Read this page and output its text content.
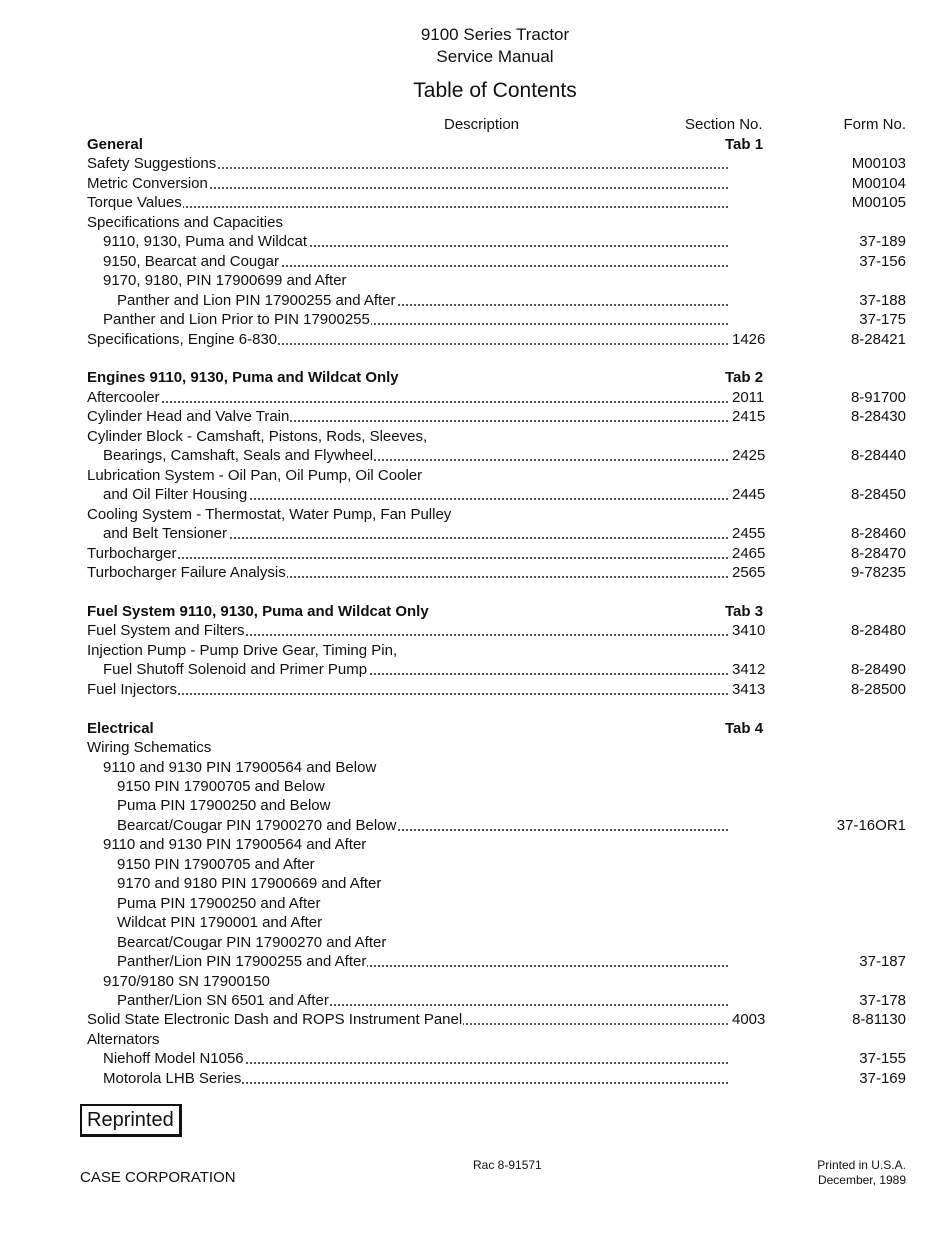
9100 Series Tractor
Service Manual
Table of Contents
Description	Section No.	Form No.
General	Tab 1
Safety Suggestions	M00103
Metric Conversion	M00104
Torque Values	M00105
Specifications and Capacities
9110, 9130, Puma and Wildcat	37-189
9150, Bearcat and Cougar	37-156
9170, 9180, PIN 17900699 and After
Panther and Lion PIN 17900255 and After	37-188
Panther and Lion Prior to PIN 17900255	37-175
Specifications, Engine 6-830	1426	8-28421
Engines 9110, 9130, Puma and Wildcat Only	Tab 2
Aftercooler	2011	8-91700
Cylinder Head and Valve Train	2415	8-28430
Cylinder Block - Camshaft, Pistons, Rods, Sleeves,
Bearings, Camshaft, Seals and Flywheel	2425	8-28440
Lubrication System - Oil Pan, Oil Pump, Oil Cooler
and Oil Filter Housing	2445	8-28450
Cooling System - Thermostat, Water Pump, Fan Pulley
and Belt Tensioner	2455	8-28460
Turbocharger	2465	8-28470
Turbocharger Failure Analysis	2565	9-78235
Fuel System 9110, 9130, Puma and Wildcat Only	Tab 3
Fuel System and Filters	3410	8-28480
Injection Pump - Pump Drive Gear, Timing Pin,
Fuel Shutoff Solenoid and Primer Pump	3412	8-28490
Fuel Injectors	3413	8-28500
Electrical	Tab 4
Wiring Schematics
9110 and 9130 PIN 17900564 and Below
9150 PIN 17900705 and Below
Puma PIN 17900250 and Below
Bearcat/Cougar PIN 17900270 and Below	37-16OR1
9110 and 9130 PIN 17900564 and After
9150 PIN 17900705 and After
9170 and 9180 PIN 17900669 and After
Puma PIN 17900250 and After
Wildcat PIN 1790001 and After
Bearcat/Cougar PIN 17900270 and After
Panther/Lion PIN 17900255 and After	37-187
9170/9180 SN 17900150
Panther/Lion SN 6501 and After	37-178
Solid State Electronic Dash and ROPS Instrument Panel	4003	8-81130
Alternators
Niehoff Model N1056	37-155
Motorola LHB Series	37-169
Reprinted
CASE CORPORATION
Rac 8-91571	Printed in U.S.A.
December, 1989
